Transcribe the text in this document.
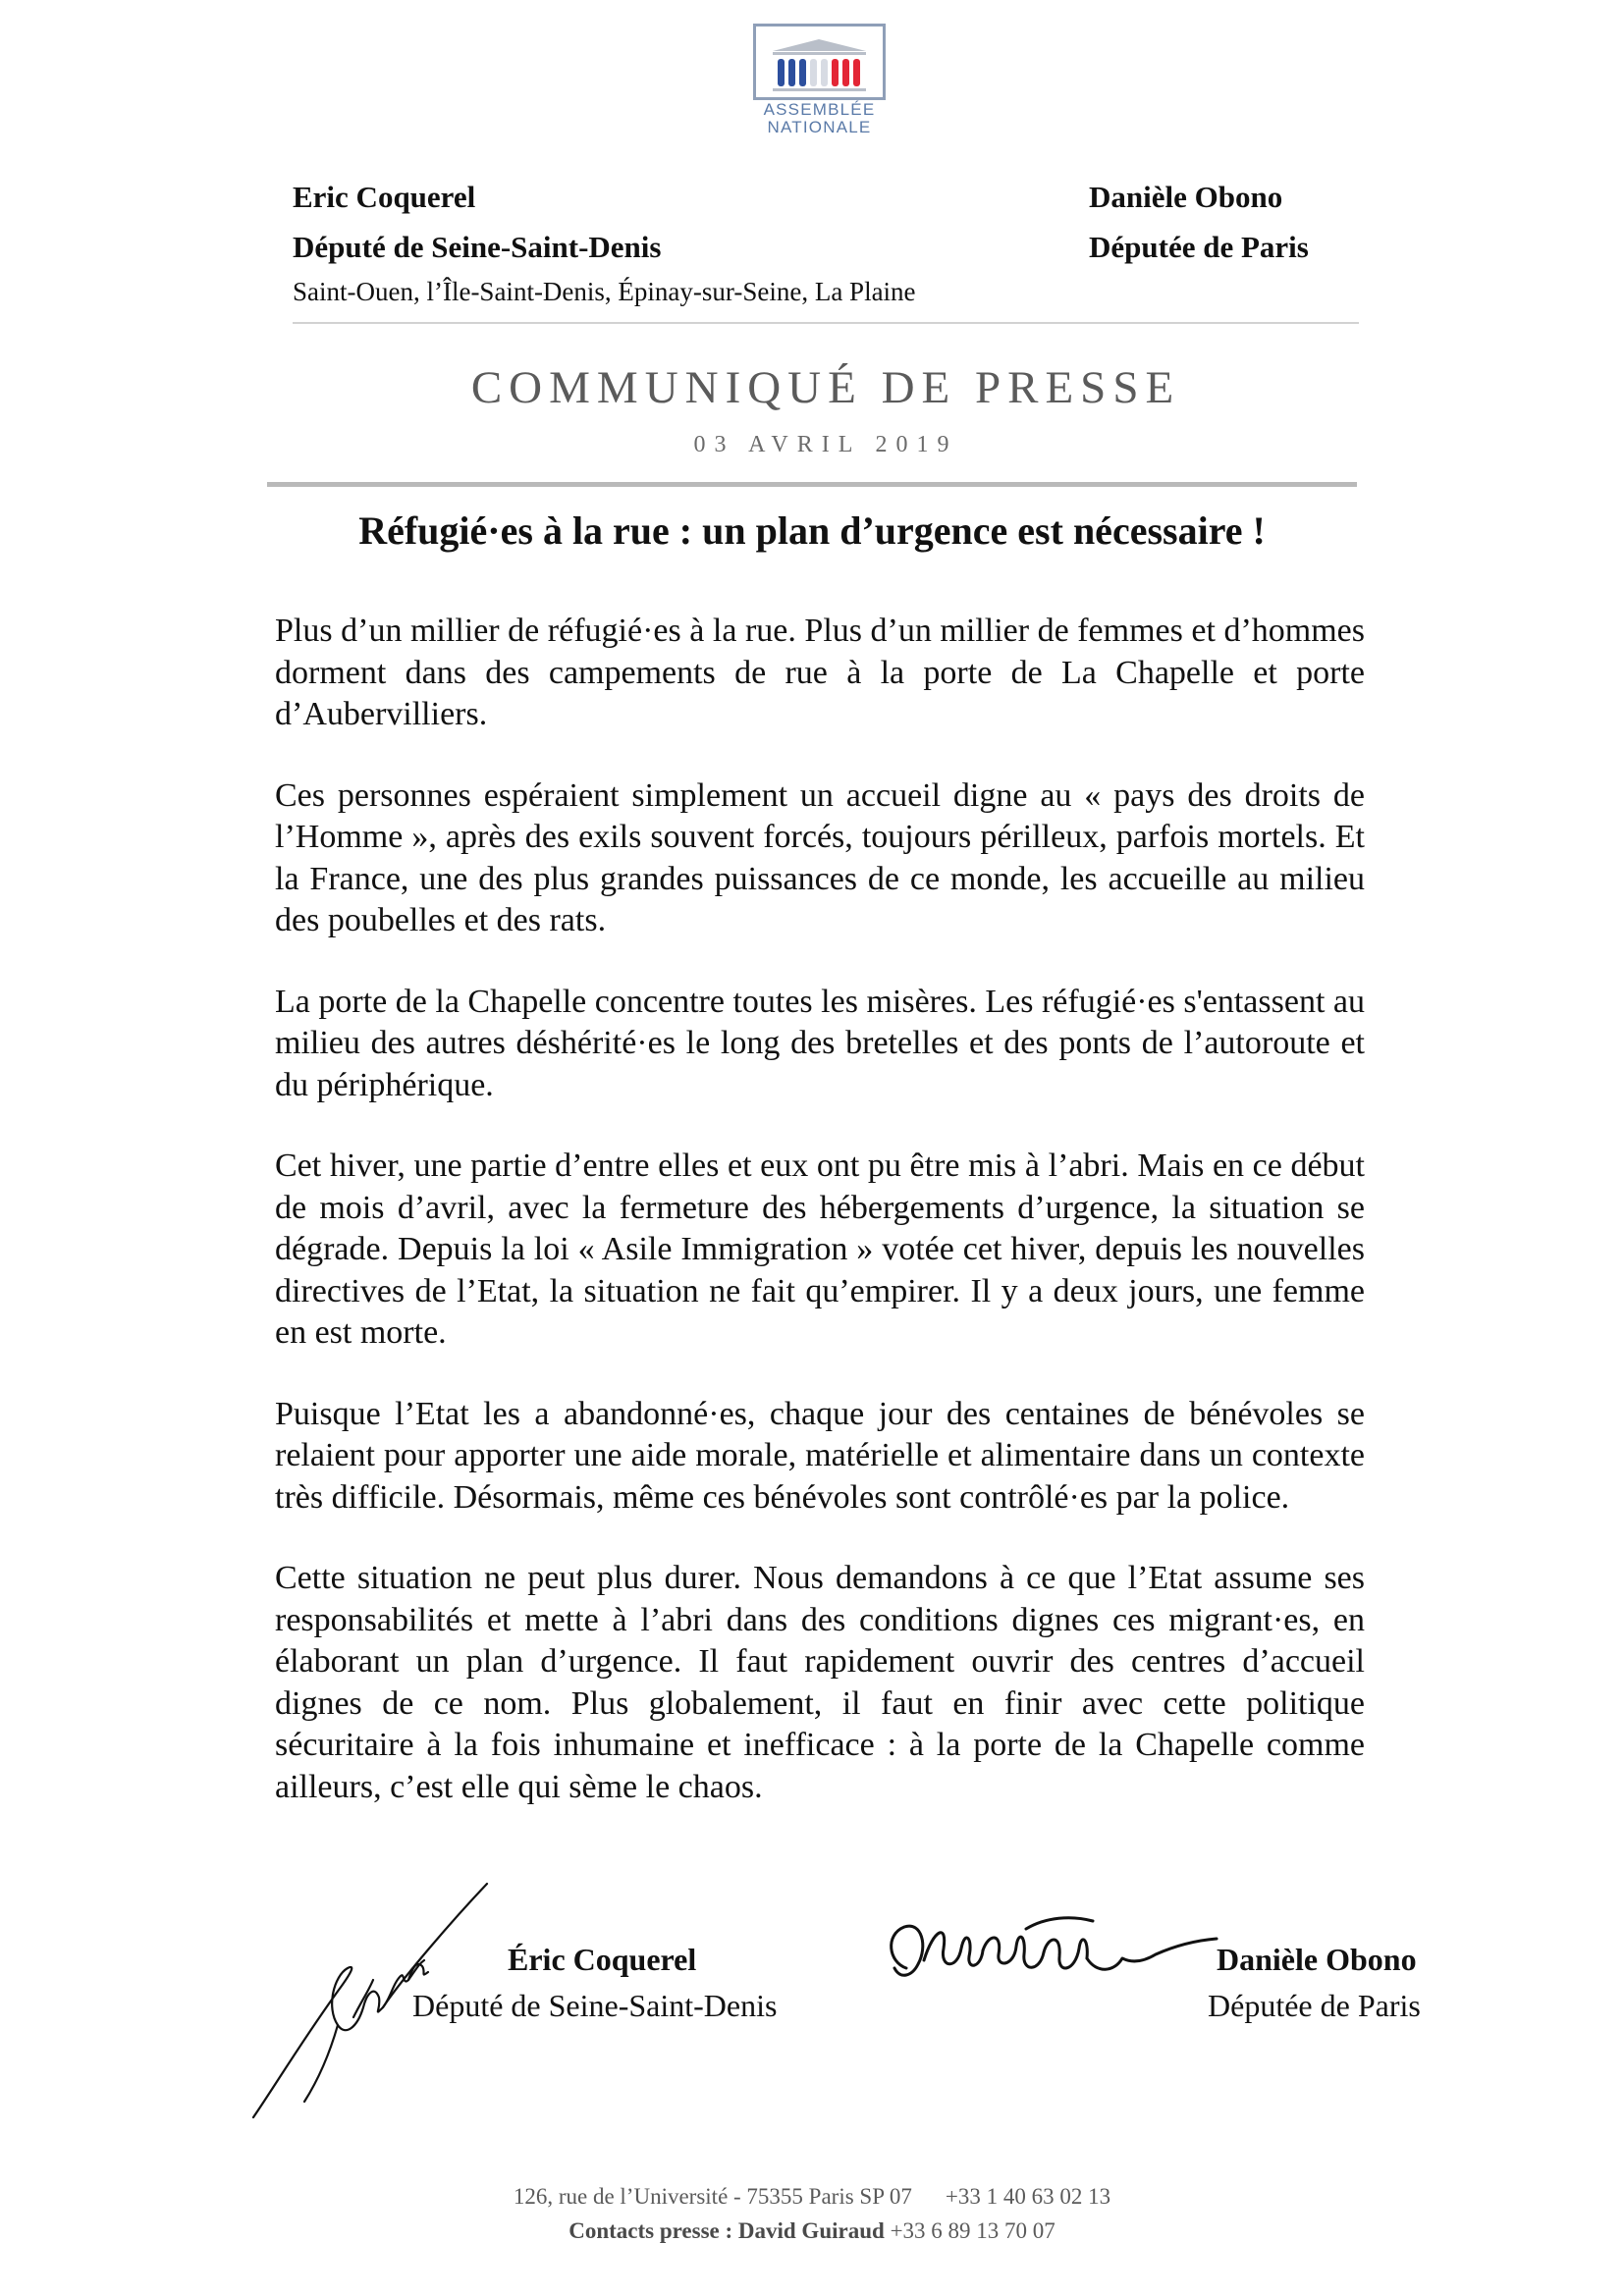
ASSEMBLÉE
NATIONALE
Eric Coquerel
Député de Seine-Saint-Denis
Saint-Ouen, l’Île-Saint-Denis, Épinay-sur-Seine, La Plaine
Danièle Obono
Députée de Paris
COMMUNIQUÉ DE PRESSE
03 AVRIL 2019
Réfugié·es à la rue : un plan d’urgence est nécessaire !

Plus d’un millier de réfugié·es à la rue. Plus d’un millier de femmes et d’hommes dorment dans des campements de rue à la porte de La Chapelle et porte d’Aubervilliers.

Ces personnes espéraient simplement un accueil digne au « pays des droits de l’Homme », après des exils souvent forcés, toujours périlleux, parfois mortels. Et la France, une des plus grandes puissances de ce monde, les accueille au milieu des poubelles et des rats.

La porte de la Chapelle concentre toutes les misères. Les réfugié·es s'entassent au milieu des autres déshérité·es le long des bretelles et des ponts de l’autoroute et du périphérique.

Cet hiver, une partie d’entre elles et eux ont pu être mis à l’abri. Mais en ce début de mois d’avril, avec la fermeture des hébergements d’urgence, la situation se dégrade. Depuis la loi « Asile Immigration » votée cet hiver, depuis les nouvelles directives de l’Etat, la situation ne fait qu’empirer. Il y a deux jours, une femme en est morte.

Puisque l’Etat les a abandonné·es, chaque jour des centaines de bénévoles se relaient pour apporter une aide morale, matérielle et alimentaire dans un contexte très difficile. Désormais, même ces bénévoles sont contrôlé·es par la police.

Cette situation ne peut plus durer. Nous demandons à ce que l’Etat assume ses responsabilités et mette à l’abri dans des conditions dignes ces migrant·es, en élaborant un plan d’urgence. Il faut rapidement ouvrir des centres d’accueil dignes de ce nom. Plus globalement, il faut en finir avec cette politique sécuritaire à la fois inhumaine et inefficace : à la porte de la Chapelle comme ailleurs, c’est elle qui sème le chaos.

Éric Coquerel
Député de Seine-Saint-Denis
Danièle Obono
Députée de Paris
126, rue de l’Université - 75355 Paris SP 07 +33 1 40 63 02 13
Contacts presse : David Guiraud +33 6 89 13 70 07
